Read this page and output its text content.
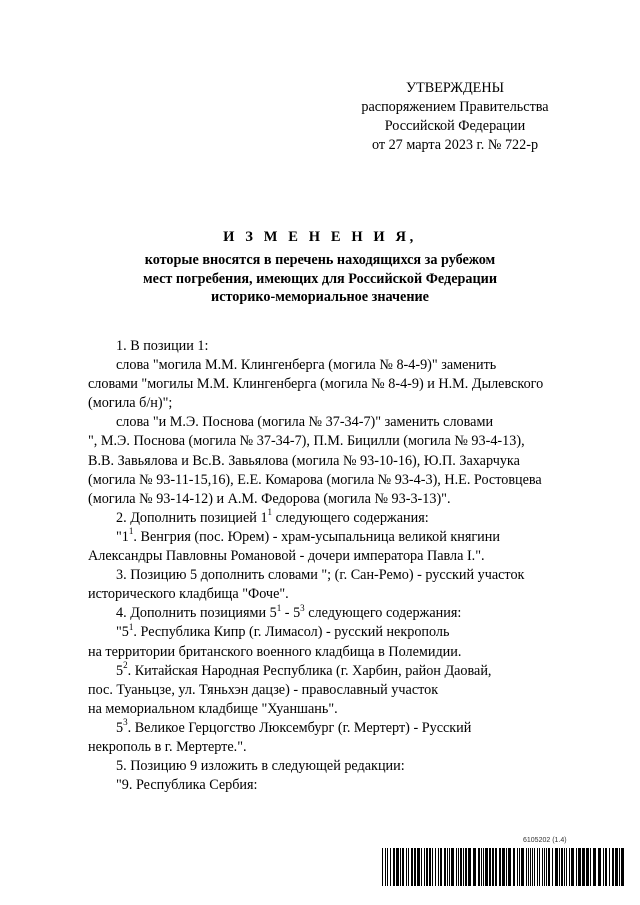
УТВЕРЖДЕНЫ
распоряжением Правительства
Российской Федерации
от 27 марта 2023 г. № 722-р
И З М Е Н Е Н И Я,
которые вносятся в перечень находящихся за рубежом
мест погребения, имеющих для Российской Федерации
историко-мемориальное значение
1. В позиции 1:
слова "могила М.М. Клингенберга (могила № 8-4-9)" заменить
словами "могилы М.М. Клингенберга (могила № 8-4-9) и Н.М. Дылевского
(могила б/н)";
слова "и М.Э. Поснова (могила № 37-34-7)" заменить словами
", М.Э. Поснова (могила № 37-34-7), П.М. Бицилли (могила № 93-4-13),
В.В. Завьялова и Вс.В. Завьялова (могила № 93-10-16), Ю.П. Захарчука
(могила № 93-11-15,16), Е.Е. Комарова (могила № 93-4-3), Н.Е. Ростовцева
(могила № 93-14-12) и А.М. Федорова (могила № 93-3-13)".
2. Дополнить позицией $1^1$ следующего содержания:
"$1^1$. Венгрия (пос. Юрем) - храм-усыпальница великой княгини
Александры Павловны Романовой - дочери императора Павла I.".
3. Позицию 5 дополнить словами "; (г. Сан-Ремо) - русский участок
исторического кладбища "Фоче".
4. Дополнить позициями $5^1 - 5^3$ следующего содержания:
"$5^1$. Республика Кипр (г. Лимасол) - русский некрополь
на территории британского военного кладбища в Полемидии.
$5^2$. Китайская Народная Республика (г. Харбин, район Даовай,
пос. Туаньцзе, ул. Тяньхэн дацзе) - православный участок
на мемориальном кладбище "Хуаншань".
$5^3$. Великое Герцогство Люксембург (г. Мертерт) - Русский
некрополь в г. Мертерте.".
5. Позицию 9 изложить в следующей редакции:
"9. Республика Сербия:
6105202 (1.4)
